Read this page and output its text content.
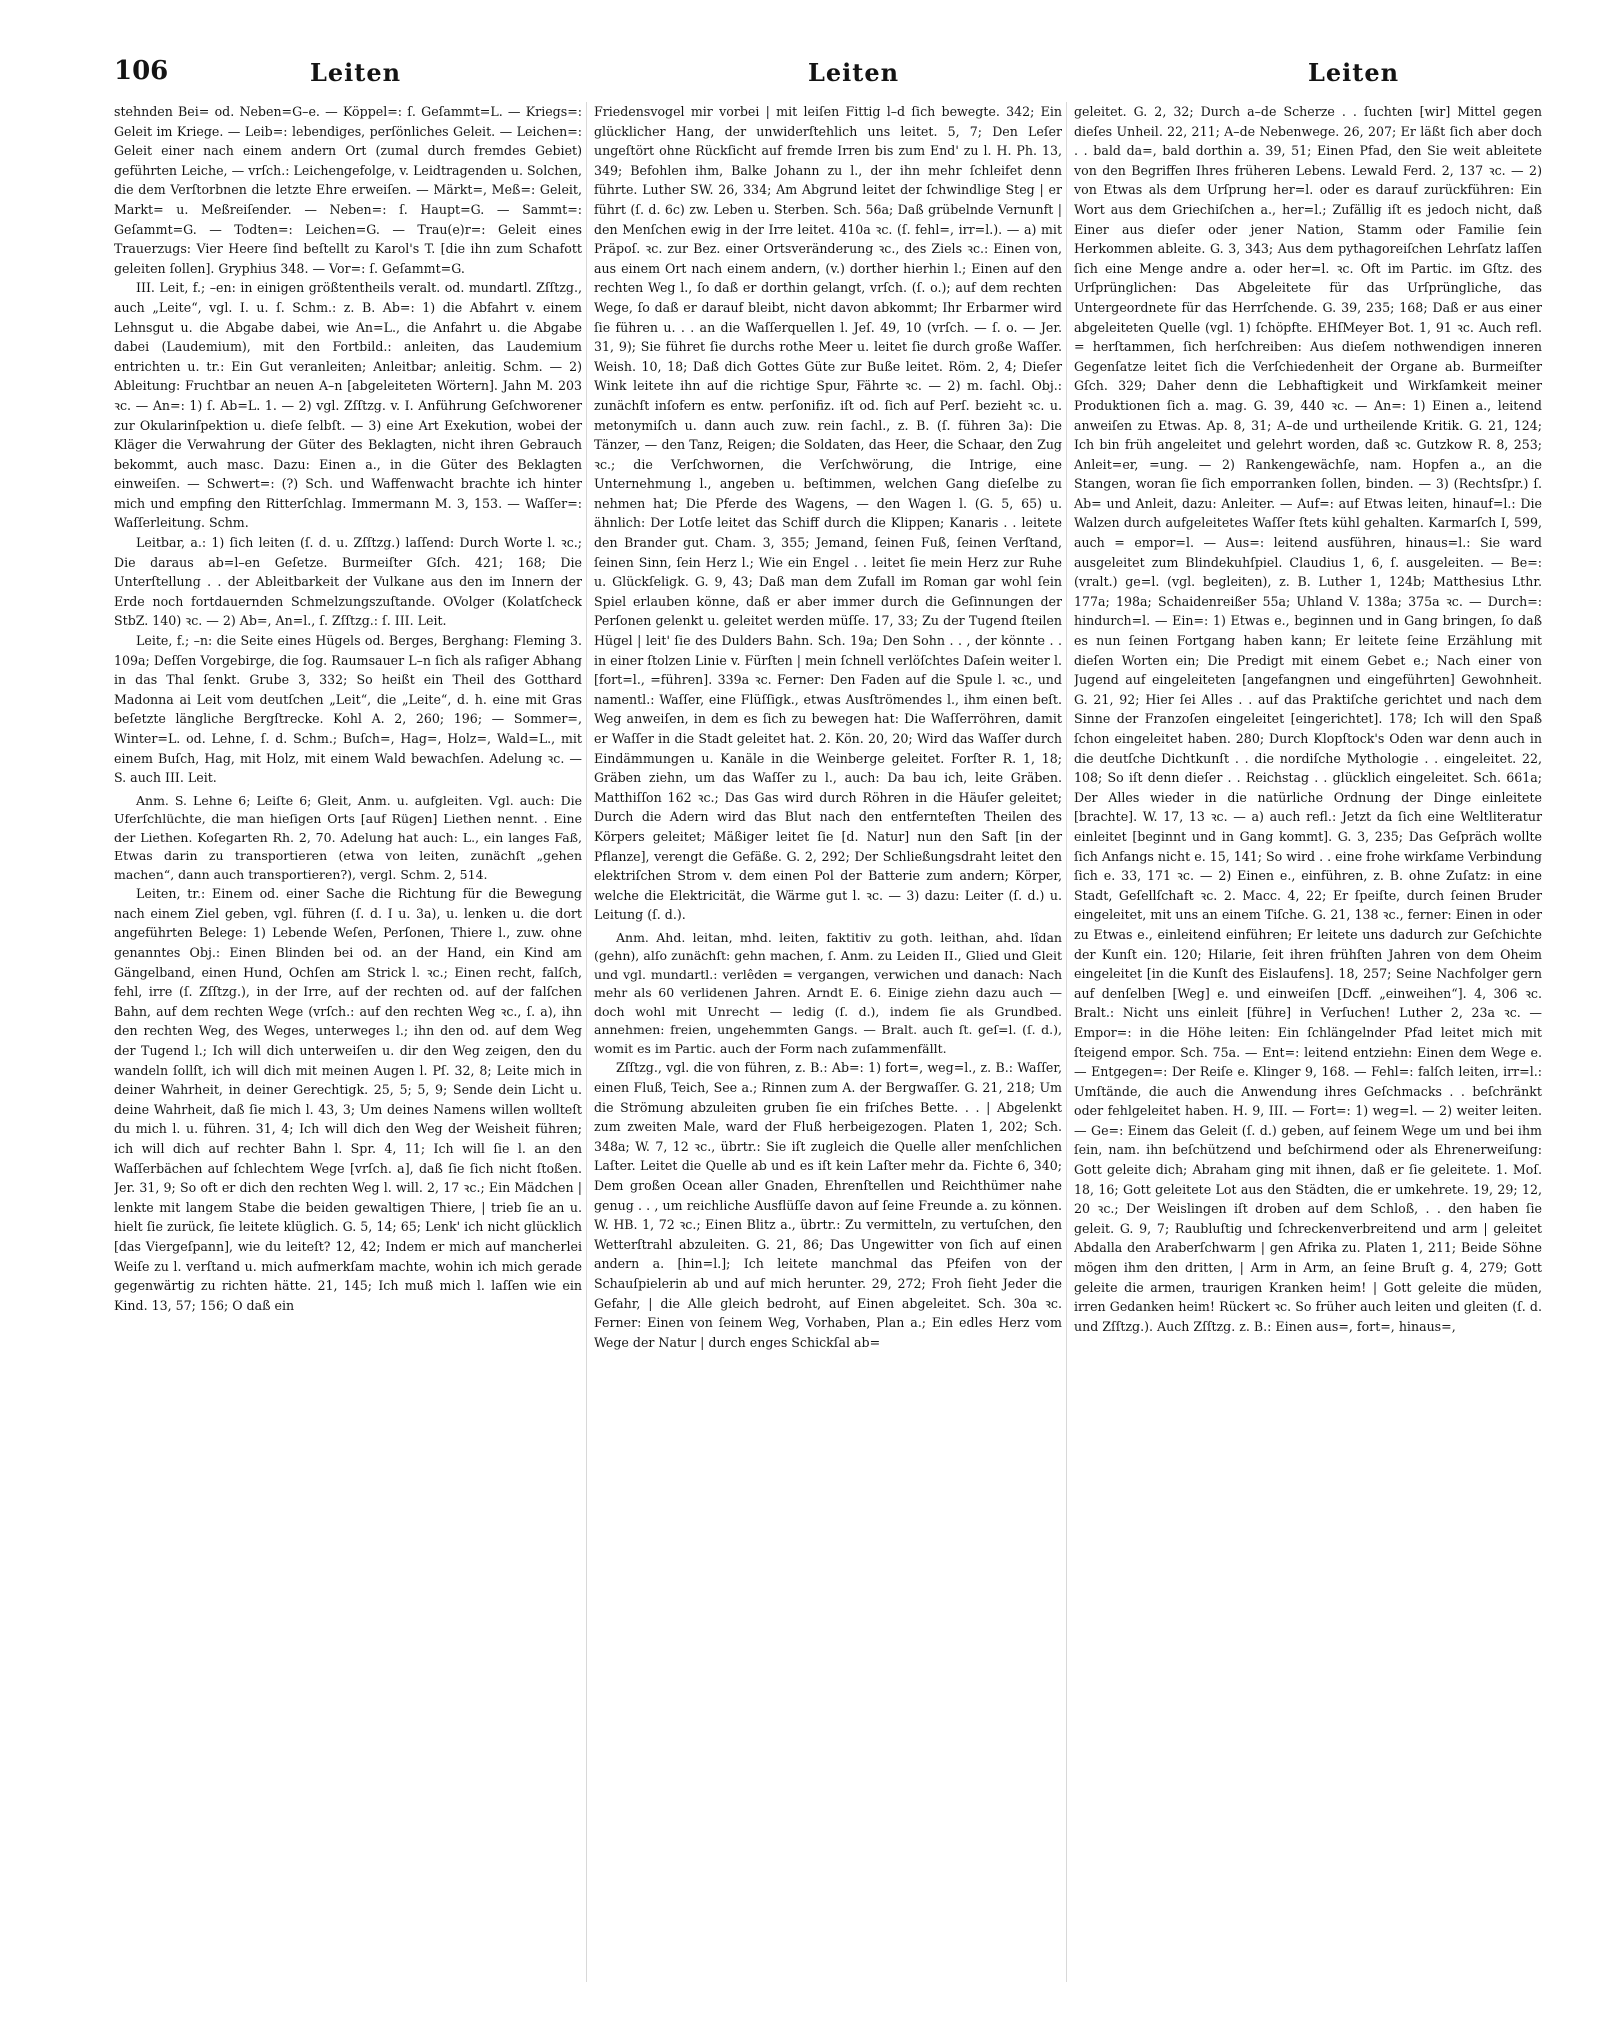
106	Leiten	Leiten	Leiten

stehnden Bei= od. Neben=G–e. — Köppel=: ſ. Geſammt=L. — Kriegs=: Geleit im Kriege. — Leib=: lebendiges, perſönliches Geleit. — Leichen=: Geleit einer nach einem andern Ort (zumal durch fremdes Gebiet) geführten Leiche, — vrſch.: Leichengefolge, v. Leidtragenden u. Solchen, die dem Verſtorbnen die letzte Ehre erweiſen. — Märkt=, Meß=: Geleit, Markt= u. Meßreiſender. — Neben=: ſ. Haupt=G. — Sammt=: Geſammt=G. — Todten=: Leichen=G. — Trau(e)r=: Geleit eines Trauerzugs: Vier Heere ſind beſtellt zu Karol's T. [die ihn zum Schafott geleiten ſollen]. Gryphius 348. — Vor=: ſ. Geſammt=G.

III. Leit, f.; –en: in einigen größtentheils veralt. od. mundartl. Zſſtzg., auch „Leite“, vgl. I. u. ſ. Schm.: z. B. Ab=: 1) die Abfahrt v. einem Lehnsgut u. die Abgabe dabei, wie An=L., die Anfahrt u. die Abgabe dabei (Laudemium), mit den Fortbild.: anleiten, das Laudemium entrichten u. tr.: Ein Gut veranleiten; Anleitbar; anleitig. Schm. — 2) Ableitung: Fruchtbar an neuen A–n [abgeleiteten Wörtern]. Jahn M. 203 ꝛc. — An=: 1) ſ. Ab=L. 1. — 2) vgl. Zſſtzg. v. I. Anführung Geſchworener zur Okularinſpektion u. dieſe ſelbſt. — 3) eine Art Exekution, wobei der Kläger die Verwahrung der Güter des Beklagten, nicht ihren Gebrauch bekommt, auch masc. Dazu: Einen a., in die Güter des Beklagten einweiſen. — Schwert=: (?) Sch. und Waffenwacht brachte ich hinter mich und empfing den Ritterſchlag. Immermann M. 3, 153. — Waſſer=: Waſſerleitung. Schm.

Leitbar, a.: 1) ſich leiten (ſ. d. u. Zſſtzg.) laſſend: Durch Worte l. ꝛc.; Die daraus ab=l–en Geſetze. Burmeiſter Gſch. 421; 168; Die Unterſtellung . . der Ableitbarkeit der Vulkane aus den im Innern der Erde noch fortdauernden Schmelzungszuſtande. OVolger (Kolatſcheck StbZ. 140) ꝛc. — 2) Ab=, An=l., ſ. Zſſtzg.: ſ. III. Leit.

Leite, f.; –n: die Seite eines Hügels od. Berges, Berghang: Fleming 3. 109a; Deſſen Vorgebirge, die ſog. Raumsauer L–n ſich als raſiger Abhang in das Thal ſenkt. Grube 3, 332; So heißt ein Theil des Gotthard Madonna ai Leit vom deutſchen „Leit“, die „Leite“, d. h. eine mit Gras beſetzte längliche Bergſtrecke. Kohl A. 2, 260; 196; — Sommer=, Winter=L. od. Lehne, ſ. d. Schm.; Buſch=, Hag=, Holz=, Wald=L., mit einem Buſch, Hag, mit Holz, mit einem Wald bewachſen. Adelung ꝛc. — S. auch III. Leit.

Anm. S. Lehne 6; Leiſte 6; Gleit, Anm. u. aufgleiten. Vgl. auch: Die Uferſchlüchte, die man hieſigen Orts [auf Rügen] Liethen nennt. . Eine der Liethen. Koſegarten Rh. 2, 70. Adelung hat auch: L., ein langes Faß, Etwas darin zu transportieren (etwa von leiten, zunächſt „gehen machen“, dann auch transportieren?), vergl. Schm. 2, 514.

Leiten, tr.: Einem od. einer Sache die Richtung für die Bewegung nach einem Ziel geben, vgl. führen (ſ. d. I u. 3a), u. lenken u. die dort angeführten Belege: 1) Lebende Weſen, Perſonen, Thiere l., zuw. ohne genanntes Obj.: Einen Blinden bei od. an der Hand, ein Kind am Gängelband, einen Hund, Ochſen am Strick l. ꝛc.; Einen recht, falſch, fehl, irre (ſ. Zſſtzg.), in der Irre, auf der rechten od. auf der falſchen Bahn, auf dem rechten Wege (vrſch.: auf den rechten Weg ꝛc., ſ. a), ihn den rechten Weg, des Weges, unterweges l.; ihn den od. auf dem Weg der Tugend l.; Ich will dich unterweiſen u. dir den Weg zeigen, den du wandeln ſollſt, ich will dich mit meinen Augen l. Pſ. 32, 8; Leite mich in deiner Wahrheit, in deiner Gerechtigk. 25, 5; 5, 9; Sende dein Licht u. deine Wahrheit, daß ſie mich l. 43, 3; Um deines Namens willen wollteſt du mich l. u. führen. 31, 4; Ich will dich den Weg der Weisheit führen; ich will dich auf rechter Bahn l. Spr. 4, 11; Ich will ſie l. an den Waſſerbächen auf ſchlechtem Wege [vrſch. a], daß ſie ſich nicht ſtoßen. Jer. 31, 9; So oft er dich den rechten Weg l. will. 2, 17 ꝛc.; Ein Mädchen | lenkte mit langem Stabe die beiden gewaltigen Thiere, | trieb ſie an u. hielt ſie zurück, ſie leitete klüglich. G. 5, 14; 65; Lenk' ich nicht glücklich [das Viergeſpann], wie du leiteſt? 12, 42; Indem er mich auf mancherlei Weiſe zu l. verſtand u. mich aufmerkſam machte, wohin ich mich gerade gegenwärtig zu richten hätte. 21, 145; Ich muß mich l. laſſen wie ein Kind. 13, 57; 156; O daß ein

Friedensvogel mir vorbei | mit leiſen Fittig l–d ſich bewegte. 342; Ein glücklicher Hang, der unwiderſtehlich uns leitet. 5, 7; Den Leſer ungeſtört ohne Rückſicht auf fremde Irren bis zum End' zu l. H. Ph. 13, 349; Befohlen ihm, Balke Johann zu l., der ihn mehr ſchleifet denn führte. Luther SW. 26, 334; Am Abgrund leitet der ſchwindlige Steg | er führt (ſ. d. 6c) zw. Leben u. Sterben. Sch. 56a; Daß grübelnde Vernunft | den Menſchen ewig in der Irre leitet. 410a ꝛc. (ſ. fehl=, irr=l.). — a) mit Präpoſ. ꝛc. zur Bez. einer Ortsveränderung ꝛc., des Ziels ꝛc.: Einen von, aus einem Ort nach einem andern, (v.) dorther hierhin l.; Einen auf den rechten Weg l., ſo daß er dorthin gelangt, vrſch. (ſ. o.); auf dem rechten Wege, ſo daß er darauf bleibt, nicht davon abkommt; Ihr Erbarmer wird ſie führen u. . . an die Waſſerquellen l. Jeſ. 49, 10 (vrſch. — ſ. o. — Jer. 31, 9); Sie führet ſie durchs rothe Meer u. leitet ſie durch große Waſſer. Weish. 10, 18; Daß dich Gottes Güte zur Buße leitet. Röm. 2, 4; Dieſer Wink leitete ihn auf die richtige Spur, Fährte ꝛc. — 2) m. ſachl. Obj.: zunächſt inſofern es entw. perſonifiz. iſt od. ſich auf Perſ. bezieht ꝛc. u. metonymiſch u. dann auch zuw. rein ſachl., z. B. (ſ. führen 3a): Die Tänzer, — den Tanz, Reigen; die Soldaten, das Heer, die Schaar, den Zug ꝛc.; die Verſchwornen, die Verſchwörung, die Intrige, eine Unternehmung l., angeben u. beſtimmen, welchen Gang dieſelbe zu nehmen hat; Die Pferde des Wagens, — den Wagen l. (G. 5, 65) u. ähnlich: Der Lotſe leitet das Schiff durch die Klippen; Kanaris . . leitete den Brander gut. Cham. 3, 355; Jemand, ſeinen Fuß, ſeinen Verſtand, ſeinen Sinn, ſein Herz l.; Wie ein Engel . . leitet ſie mein Herz zur Ruhe u. Glückſeligk. G. 9, 43; Daß man dem Zufall im Roman gar wohl ſein Spiel erlauben könne, daß er aber immer durch die Geſinnungen der Perſonen gelenkt u. geleitet werden müſſe. 17, 33; Zu der Tugend ſteilen Hügel | leit' ſie des Dulders Bahn. Sch. 19a; Den Sohn . . , der könnte . . in einer ſtolzen Linie v. Fürſten | mein ſchnell verlöſchtes Daſein weiter l. [fort=l., =führen]. 339a ꝛc. Ferner: Den Faden auf die Spule l. ꝛc., und namentl.: Waſſer, eine Flüſſigk., etwas Ausſtrömendes l., ihm einen beſt. Weg anweiſen, in dem es ſich zu bewegen hat: Die Waſſerröhren, damit er Waſſer in die Stadt geleitet hat. 2. Kön. 20, 20; Wird das Waſſer durch Eindämmungen u. Kanäle in die Weinberge geleitet. Forſter R. 1, 18; Gräben ziehn, um das Waſſer zu l., auch: Da bau ich, leite Gräben. Matthiſſon 162 ꝛc.; Das Gas wird durch Röhren in die Häuſer geleitet; Durch die Adern wird das Blut nach den entfernteſten Theilen des Körpers geleitet; Mäßiger leitet ſie [d. Natur] nun den Saft [in der Pflanze], verengt die Gefäße. G. 2, 292; Der Schließungsdraht leitet den elektriſchen Strom v. dem einen Pol der Batterie zum andern; Körper, welche die Elektricität, die Wärme gut l. ꝛc. — 3) dazu: Leiter (ſ. d.) u. Leitung (ſ. d.).

Anm. Ahd. leitan, mhd. leiten, faktitiv zu goth. leithan, ahd. lîdan (gehn), alſo zunächſt: gehn machen, ſ. Anm. zu Leiden II., Glied und Gleit und vgl. mundartl.: verlêden = vergangen, verwichen und danach: Nach mehr als 60 verlidenen Jahren. Arndt E. 6. Einige ziehn dazu auch — doch wohl mit Unrecht — ledig (ſ. d.), indem ſie als Grundbed. annehmen: freien, ungehemmten Gangs. — Bralt. auch ſt. geſ=l. (ſ. d.), womit es im Partic. auch der Form nach zuſammenfällt.

Zſſtzg., vgl. die von führen, z. B.: Ab=: 1) fort=, weg=l., z. B.: Waſſer, einen Fluß, Teich, See a.; Rinnen zum A. der Bergwaſſer. G. 21, 218; Um die Strömung abzuleiten gruben ſie ein friſches Bette. . . | Abgelenkt zum zweiten Male, ward der Fluß herbeigezogen. Platen 1, 202; Sch. 348a; W. 7, 12 ꝛc., übrtr.: Sie iſt zugleich die Quelle aller menſchlichen Laſter. Leitet die Quelle ab und es iſt kein Laſter mehr da. Fichte 6, 340; Dem großen Ocean aller Gnaden, Ehrenſtellen und Reichthümer nahe genug . . , um reichliche Ausflüſſe davon auf ſeine Freunde a. zu können. W. HB. 1, 72 ꝛc.; Einen Blitz a., übrtr.: Zu vermitteln, zu vertuſchen, den Wetterſtrahl abzuleiten. G. 21, 86; Das Ungewitter von ſich auf einen andern a. [hin=l.]; Ich leitete manchmal das Pfeifen von der Schauſpielerin ab und auf mich herunter. 29, 272; Froh ſieht Jeder die Gefahr, | die Alle gleich bedroht, auf Einen abgeleitet. Sch. 30a ꝛc. Ferner: Einen von ſeinem Weg, Vorhaben, Plan a.; Ein edles Herz vom Wege der Natur | durch enges Schickſal ab=

geleitet. G. 2, 32; Durch a–de Scherze . . ſuchten [wir] Mittel gegen dieſes Unheil. 22, 211; A–de Nebenwege. 26, 207; Er läßt ſich aber doch . . bald da=, bald dorthin a. 39, 51; Einen Pfad, den Sie weit ableitete von den Begriffen Ihres früheren Lebens. Lewald Ferd. 2, 137 ꝛc. — 2) von Etwas als dem Urſprung her=l. oder es darauf zurückführen: Ein Wort aus dem Griechiſchen a., her=l.; Zufällig iſt es jedoch nicht, daß Einer aus dieſer oder jener Nation, Stamm oder Familie ſein Herkommen ableite. G. 3, 343; Aus dem pythagoreiſchen Lehrſatz laſſen ſich eine Menge andre a. oder her=l. ꝛc. Oft im Partic. im Gſtz. des Urſprünglichen: Das Abgeleitete für das Urſprüngliche, das Untergeordnete für das Herrſchende. G. 39, 235; 168; Daß er aus einer abgeleiteten Quelle (vgl. 1) ſchöpfte. EHſMeyer Bot. 1, 91 ꝛc. Auch refl. = herſtammen, ſich herſchreiben: Aus dieſem nothwendigen inneren Gegenſatze leitet ſich die Verſchiedenheit der Organe ab. Burmeiſter Gſch. 329; Daher denn die Lebhaftigkeit und Wirkſamkeit meiner Produktionen ſich a. mag. G. 39, 440 ꝛc. — An=: 1) Einen a., leitend anweiſen zu Etwas. Ap. 8, 31; A–de und urtheilende Kritik. G. 21, 124; Ich bin früh angeleitet und gelehrt worden, daß ꝛc. Gutzkow R. 8, 253; Anleit=er, =ung. — 2) Rankengewächſe, nam. Hopfen a., an die Stangen, woran ſie ſich emporranken ſollen, binden. — 3) (Rechtsſpr.) ſ. Ab= und Anleit, dazu: Anleiter. — Auf=: auf Etwas leiten, hinauf=l.: Die Walzen durch aufgeleitetes Waſſer ſtets kühl gehalten. Karmarſch I, 599, auch = empor=l. — Aus=: leitend ausführen, hinaus=l.: Sie ward ausgeleitet zum Blindekuhſpiel. Claudius 1, 6, ſ. ausgeleiten. — Be=: (vralt.) ge=l. (vgl. begleiten), z. B. Luther 1, 124b; Matthesius Lthr. 177a; 198a; Schaidenreißer 55a; Uhland V. 138a; 375a ꝛc. — Durch=: hindurch=l. — Ein=: 1) Etwas e., beginnen und in Gang bringen, ſo daß es nun ſeinen Fortgang haben kann; Er leitete ſeine Erzählung mit dieſen Worten ein; Die Predigt mit einem Gebet e.; Nach einer von Jugend auf eingeleiteten [angefangnen und eingeführten] Gewohnheit. G. 21, 92; Hier ſei Alles . . auf das Praktiſche gerichtet und nach dem Sinne der Franzoſen eingeleitet [eingerichtet]. 178; Ich will den Spaß ſchon eingeleitet haben. 280; Durch Klopſtock's Oden war denn auch in die deutſche Dichtkunſt . . die nordiſche Mythologie . . eingeleitet. 22, 108; So iſt denn dieſer . . Reichstag . . glücklich eingeleitet. Sch. 661a; Der Alles wieder in die natürliche Ordnung der Dinge einleitete [brachte]. W. 17, 13 ꝛc. — a) auch refl.: Jetzt da ſich eine Weltliteratur einleitet [beginnt und in Gang kommt]. G. 3, 235; Das Geſpräch wollte ſich Anfangs nicht e. 15, 141; So wird . . eine frohe wirkſame Verbindung ſich e. 33, 171 ꝛc. — 2) Einen e., einführen, z. B. ohne Zuſatz: in eine Stadt, Geſellſchaft ꝛc. 2. Macc. 4, 22; Er ſpeiſte, durch ſeinen Bruder eingeleitet, mit uns an einem Tiſche. G. 21, 138 ꝛc., ferner: Einen in oder zu Etwas e., einleitend einführen; Er leitete uns dadurch zur Geſchichte der Kunſt ein. 120; Hilarie, ſeit ihren frühſten Jahren von dem Oheim eingeleitet [in die Kunſt des Eislaufens]. 18, 257; Seine Nachfolger gern auf denſelben [Weg] e. und einweiſen [Dcff. „einweihen“]. 4, 306 ꝛc. Bralt.: Nicht uns einleit [führe] in Verſuchen! Luther 2, 23a ꝛc. — Empor=: in die Höhe leiten: Ein ſchlängelnder Pfad leitet mich mit ſteigend empor. Sch. 75a. — Ent=: leitend entziehn: Einen dem Wege e. — Entgegen=: Der Reiſe e. Klinger 9, 168. — Fehl=: falſch leiten, irr=l.: Umſtände, die auch die Anwendung ihres Geſchmacks . . beſchränkt oder fehlgeleitet haben. H. 9, III. — Fort=: 1) weg=l. — 2) weiter leiten. — Ge=: Einem das Geleit (ſ. d.) geben, auf ſeinem Wege um und bei ihm ſein, nam. ihn beſchützend und beſchirmend oder als Ehrenerweiſung: Gott geleite dich; Abraham ging mit ihnen, daß er ſie geleitete. 1. Moſ. 18, 16; Gott geleitete Lot aus den Städten, die er umkehrete. 19, 29; 12, 20 ꝛc.; Der Weislingen iſt droben auf dem Schloß, . . den haben ſie geleit. G. 9, 7; Raubluſtig und ſchreckenverbreitend und arm | geleitet Abdalla den Araberſchwarm | gen Afrika zu. Platen 1, 211; Beide Söhne mögen ihm den dritten, | Arm in Arm, an ſeine Bruſt g. 4, 279; Gott geleite die armen, traurigen Kranken heim! | Gott geleite die müden, irren Gedanken heim! Rückert ꝛc. So früher auch leiten und gleiten (ſ. d. und Zſſtzg.). Auch Zſſtzg. z. B.: Einen aus=, fort=, hinaus=,
